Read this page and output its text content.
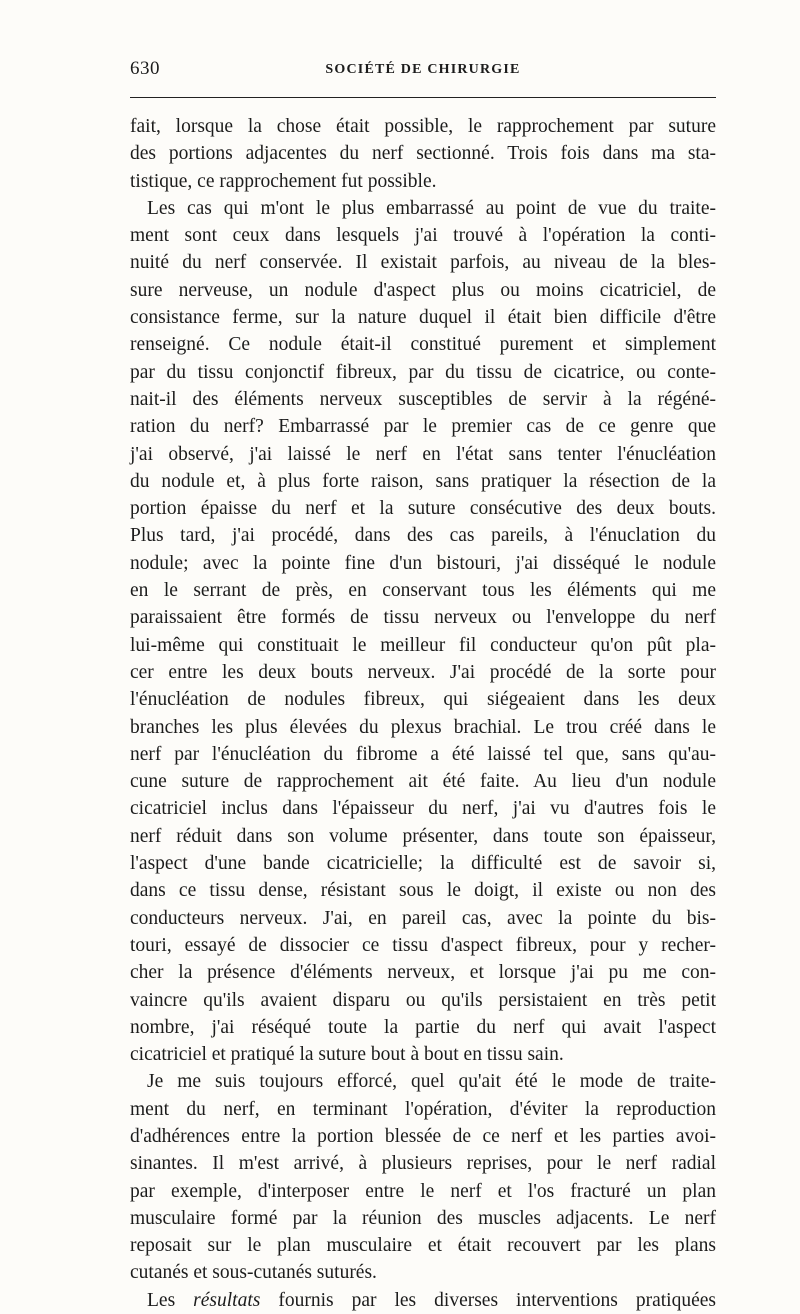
630	SOCIÉTÉ DE CHIRURGIE
fait, lorsque la chose était possible, le rapprochement par suture
des portions adjacentes du nerf sectionné. Trois fois dans ma sta-
tistique, ce rapprochement fut possible.
Les cas qui m'ont le plus embarrassé au point de vue du traite-
ment sont ceux dans lesquels j'ai trouvé à l'opération la conti-
nuité du nerf conservée. Il existait parfois, au niveau de la bles-
sure nerveuse, un nodule d'aspect plus ou moins cicatriciel, de
consistance ferme, sur la nature duquel il était bien difficile d'être
renseigné. Ce nodule était-il constitué purement et simplement
par du tissu conjonctif fibreux, par du tissu de cicatrice, ou conte-
nait-il des éléments nerveux susceptibles de servir à la régéné-
ration du nerf? Embarrassé par le premier cas de ce genre que
j'ai observé, j'ai laissé le nerf en l'état sans tenter l'énucléation
du nodule et, à plus forte raison, sans pratiquer la résection de la
portion épaisse du nerf et la suture consécutive des deux bouts.
Plus tard, j'ai procédé, dans des cas pareils, à l'énuclation du
nodule; avec la pointe fine d'un bistouri, j'ai disséqué le nodule
en le serrant de près, en conservant tous les éléments qui me
paraissaient être formés de tissu nerveux ou l'enveloppe du nerf
lui-même qui constituait le meilleur fil conducteur qu'on pût pla-
cer entre les deux bouts nerveux. J'ai procédé de la sorte pour
l'énucléation de nodules fibreux, qui siégeaient dans les deux
branches les plus élevées du plexus brachial. Le trou créé dans le
nerf par l'énucléation du fibrome a été laissé tel que, sans qu'au-
cune suture de rapprochement ait été faite. Au lieu d'un nodule
cicatriciel inclus dans l'épaisseur du nerf, j'ai vu d'autres fois le
nerf réduit dans son volume présenter, dans toute son épaisseur,
l'aspect d'une bande cicatricielle; la difficulté est de savoir si,
dans ce tissu dense, résistant sous le doigt, il existe ou non des
conducteurs nerveux. J'ai, en pareil cas, avec la pointe du bis-
touri, essayé de dissocier ce tissu d'aspect fibreux, pour y recher-
cher la présence d'éléments nerveux, et lorsque j'ai pu me con-
vaincre qu'ils avaient disparu ou qu'ils persistaient en très petit
nombre, j'ai réséqué toute la partie du nerf qui avait l'aspect
cicatriciel et pratiqué la suture bout à bout en tissu sain.
Je me suis toujours efforcé, quel qu'ait été le mode de traite-
ment du nerf, en terminant l'opération, d'éviter la reproduction
d'adhérences entre la portion blessée de ce nerf et les parties avoi-
sinantes. Il m'est arrivé, à plusieurs reprises, pour le nerf radial
par exemple, d'interposer entre le nerf et l'os fracturé un plan
musculaire formé par la réunion des muscles adjacents. Le nerf
reposait sur le plan musculaire et était recouvert par les plans
cutanés et sous-cutanés suturés.
Les résultats fournis par les diverses interventions pratiquées
